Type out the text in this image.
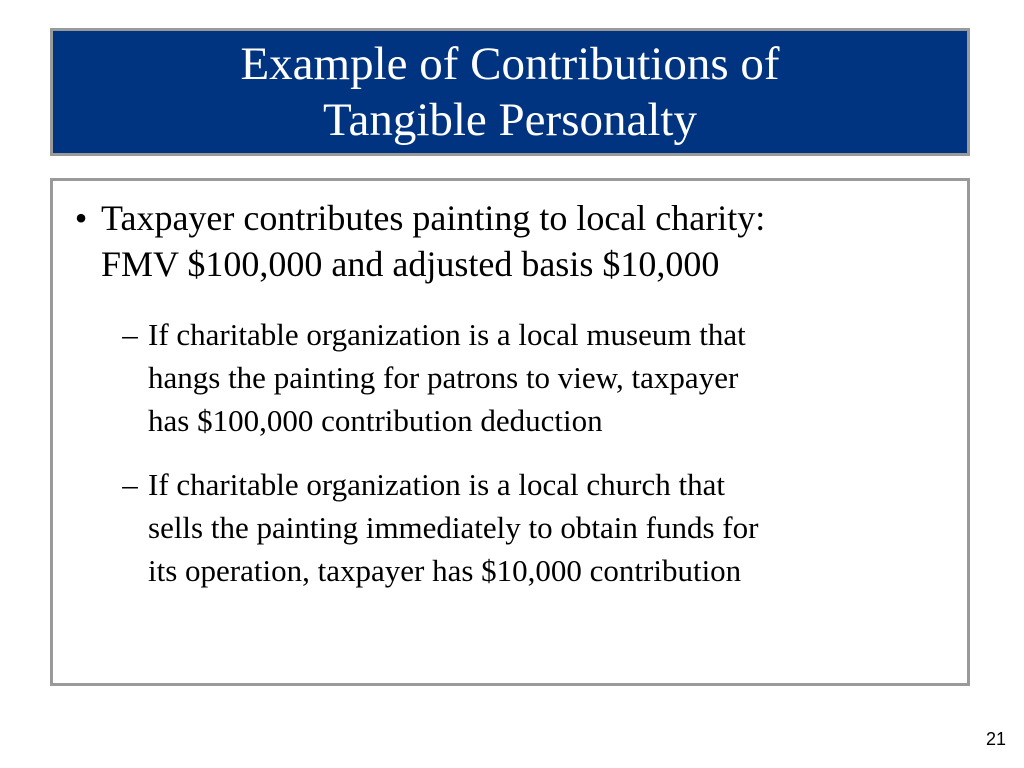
Example of Contributions of
Tangible Personalty
• Taxpayer contributes painting to local charity:
FMV $100,000 and adjusted basis $10,000
– If charitable organization is a local museum that
hangs the painting for patrons to view, taxpayer
has $100,000 contribution deduction
– If charitable organization is a local church that
sells the painting immediately to obtain funds for
its operation, taxpayer has $10,000 contribution
21
